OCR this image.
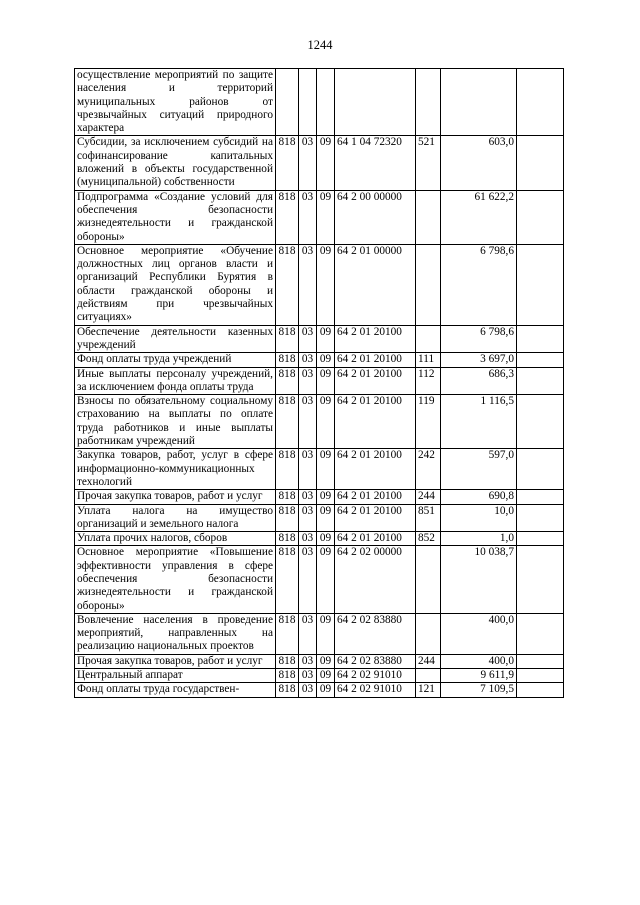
1244
осуществление мероприятий по защите населения и территорий муниципальных районов от чрезвычайных ситуаций природного характера							
Субсидии, за исключением субсидий на софинансирование капитальных вложений в объекты государственной (муниципальной) собственности	818	03	09	64 1 04 72320	521	603,0	
Подпрограмма «Создание условий для обеспечения безопасности жизнедеятельности и гражданской обороны»	818	03	09	64 2 00 00000		61 622,2	
Основное мероприятие «Обучение должностных лиц органов власти и организаций Республики Бурятия в области гражданской обороны и действиям при чрезвычайных ситуациях»	818	03	09	64 2 01 00000		6 798,6	
Обеспечение деятельности казенных учреждений	818	03	09	64 2 01 20100		6 798,6	
Фонд оплаты труда учреждений	818	03	09	64 2 01 20100	111	3 697,0	
Иные выплаты персоналу учреждений, за исключением фонда оплаты труда	818	03	09	64 2 01 20100	112	686,3	
Взносы по обязательному социальному страхованию на выплаты по оплате труда работников и иные выплаты работникам учреждений	818	03	09	64 2 01 20100	119	1 116,5	
Закупка товаров, работ, услуг в сфере информационно-коммуникационных технологий	818	03	09	64 2 01 20100	242	597,0	
Прочая закупка товаров, работ и услуг	818	03	09	64 2 01 20100	244	690,8	
Уплата налога на имущество организаций и земельного налога	818	03	09	64 2 01 20100	851	10,0	
Уплата прочих налогов, сборов	818	03	09	64 2 01 20100	852	1,0	
Основное мероприятие «Повышение эффективности управления в сфере обеспечения безопасности жизнедеятельности и гражданской обороны»	818	03	09	64 2 02 00000		10 038,7	
Вовлечение населения в проведение мероприятий, направленных на реализацию национальных проектов	818	03	09	64 2 02 83880		400,0	
Прочая закупка товаров, работ и услуг	818	03	09	64 2 02 83880	244	400,0	
Центральный аппарат	818	03	09	64 2 02 91010		9 611,9	
Фонд оплаты труда государствен-	818	03	09	64 2 02 91010	121	7 109,5	
